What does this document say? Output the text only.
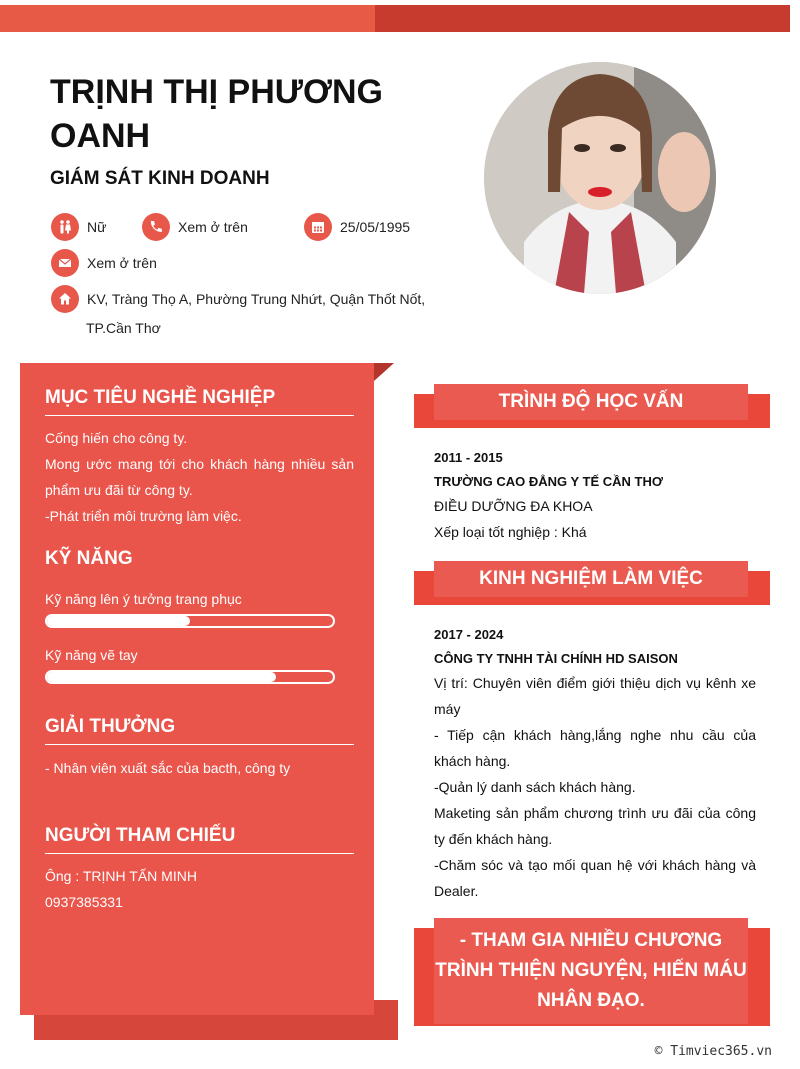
TRỊNH THỊ PHƯƠNG OANH
GIÁM SÁT KINH DOANH
Nữ	Xem ở trên	25/05/1995
Xem ở trên
KV, Tràng Thọ A, Phường Trung Nhứt, Quận Thốt Nốt,
TP.Cần Thơ
MỤC TIÊU NGHỀ NGHIỆP
Cống hiến cho công ty.
Mong ước mang tới cho khách hàng nhiều sản phẩm ưu đãi từ công ty.
-Phát triển môi trường làm việc.
KỸ NĂNG
Kỹ năng lên ý tưởng trang phục
Kỹ năng vẽ tay
GIẢI THƯỞNG
- Nhân viên xuất sắc của bacth, công ty
NGƯỜI THAM CHIẾU
Ông : TRỊNH TẤN MINH
0937385331
TRÌNH ĐỘ HỌC VẤN
2011 - 2015
TRƯỜNG CAO ĐẲNG Y TẾ CẦN THƠ
ĐIỀU DƯỠNG ĐA KHOA
Xếp loại tốt nghiệp : Khá
KINH NGHIỆM LÀM VIỆC
2017 - 2024
CÔNG TY TNHH TÀI CHÍNH HD SAISON
Vị trí: Chuyên viên điểm giới thiệu dịch vụ kênh xe máy
- Tiếp cận khách hàng,lắng nghe nhu cầu của khách hàng.
-Quản lý danh sách khách hàng.
Maketing sản phẩm chương trình ưu đãi của công ty đến khách hàng.
-Chăm sóc và tạo mối quan hệ với khách hàng và Dealer.
- THAM GIA NHIỀU CHƯƠNG TRÌNH THIỆN NGUYỆN, HIẾN MÁU NHÂN ĐẠO.
© Timviec365.vn
